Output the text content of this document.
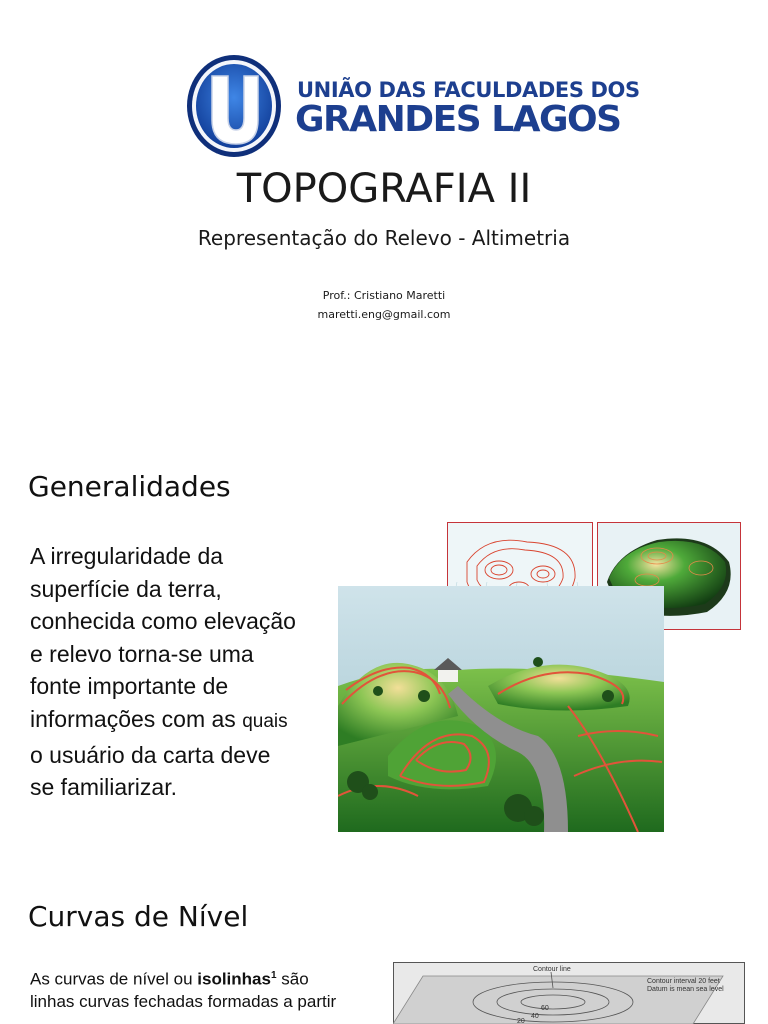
U
UNIÃO DAS FACULDADES DOS
GRANDES LAGOS
TOPOGRAFIA II
Representação do Relevo - Altimetria
Prof.: Cristiano Maretti
maretti.eng@gmail.com
Generalidades
A irregularidade da
superfície da terra,
conhecida como elevação
e relevo torna-se uma
fonte importante de
informações com as quais
o usuário da carta deve
se familiarizar.
Curvas de Nível
As curvas de nível ou isolinhas$^1$ são
linhas curvas fechadas formadas a partir
Contour line
Contour interval 20 feet
Datum is mean sea level
60
40
20
